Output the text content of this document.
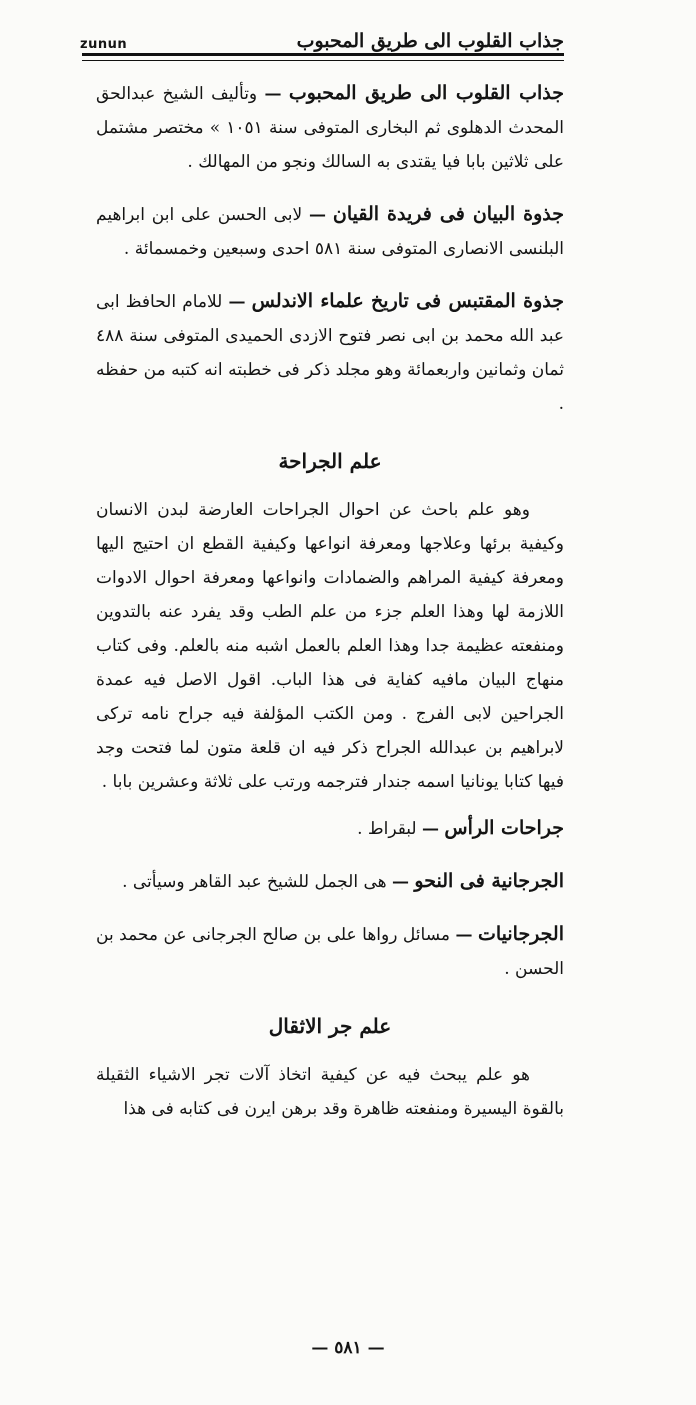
جذاب القلوب الى طريق المحبوب
zunun

جذاب القلوب الى طريق المحبوب — وتأليف الشيخ عبدالحق المحدث الدهلوى ثم البخارى المتوفى سنة ١٠٥١ » مختصر مشتمل على ثلاثين بابا فيا يقتدى به السالك ونجو من المهالك .

جذوة البيان فى فريدة القيان — لابى الحسن على ابن ابراهيم البلنسى الانصارى المتوفى سنة ٥٨١ احدى وسبعين وخمسمائة .

جذوة المقتبس فى تاريخ علماء الاندلس — للامام الحافظ ابى عبد الله محمد بن ابى نصر فتوح الازدى الحميدى المتوفى سنة ٤٨٨ ثمان وثمانين واربعمائة وهو مجلد ذكر فى خطبته انه كتبه من حفظه .

علم الجراحة

وهو علم باحث عن احوال الجراحات العارضة لبدن الانسان وكيفية برئها وعلاجها ومعرفة انواعها وكيفية القطع ان احتيج اليها ومعرفة كيفية المراهم والضمادات وانواعها ومعرفة احوال الادوات اللازمة لها وهذا العلم جزء من علم الطب وقد يفرد عنه بالتدوين ومنفعته عظيمة جدا وهذا العلم بالعمل اشبه منه بالعلم. وفى كتاب منهاج البيان مافيه كفاية فى هذا الباب. اقول الاصل فيه عمدة الجراحين لابى الفرج . ومن الكتب المؤلفة فيه جراح نامه تركى لابراهيم بن عبدالله الجراح ذكر فيه ان قلعة متون لما فتحت وجد فيها كتابا يونانيا اسمه جندار فترجمه ورتب على ثلاثة وعشرين بابا .

جراحات الرأس — لبقراط .

الجرجانية فى النحو — هى الجمل للشيخ عبد القاهر وسيأتى .

الجرجانيات — مسائل رواها على بن صالح الجرجانى عن محمد بن الحسن .

علم جر الاثقال

هو علم يبحث فيه عن كيفية اتخاذ آلات تجر الاشياء الثقيلة بالقوة اليسيرة ومنفعته ظاهرة وقد برهن ايرن فى كتابه فى هذا

— ٥٨١ —
